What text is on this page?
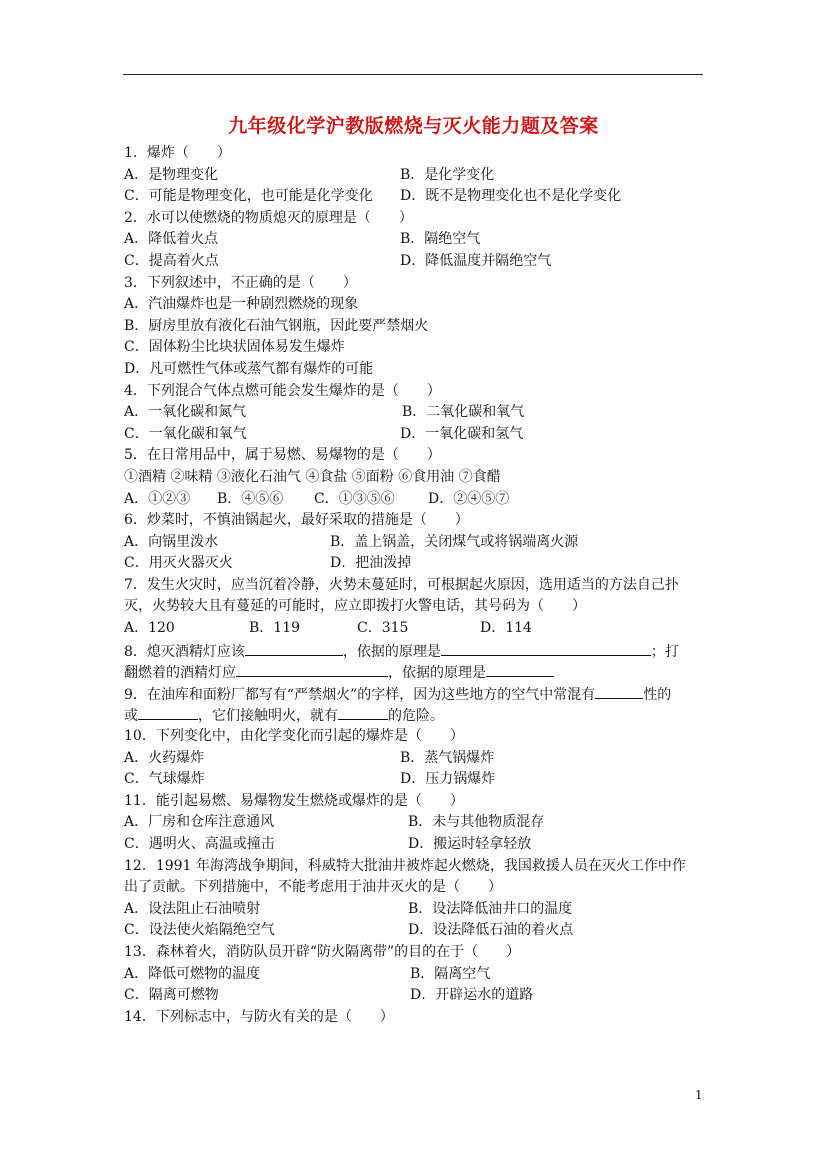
九年级化学沪教版燃烧与灭火能力题及答案
1．爆炸（　　）
A．是物理变化	B．是化学变化
C．可能是物理变化，也可能是化学变化 D．既不是物理变化也不是化学变化
2．水可以使燃烧的物质熄灭的原理是（　　）
A．降低着火点	B．隔绝空气
C．提高着火点	D．降低温度并隔绝空气
3．下列叙述中，不正确的是（　　）
A．汽油爆炸也是一种剧烈燃烧的现象
B．厨房里放有液化石油气钢瓶，因此要严禁烟火
C．固体粉尘比块状固体易发生爆炸
D．凡可燃性气体或蒸气都有爆炸的可能
4．下列混合气体点燃可能会发生爆炸的是（　　）
A．一氧化碳和氮气	B．二氧化碳和氧气
C．一氧化碳和氧气	D．一氧化碳和氢气
5．在日常用品中，属于易燃、易爆物的是（　　）
①酒精 ②味精 ③液化石油气 ④食盐 ⑤面粉 ⑥食用油 ⑦食醋
A．①②③ B．④⑤⑥ C．①③⑤⑥ D．②④⑤⑦
6．炒菜时，不慎油锅起火，最好采取的措施是（　　）
A．向锅里泼水	B．盖上锅盖，关闭煤气或将锅端离火源
C．用灭火器灭火	D．把油泼掉
7．发生火灾时，应当沉着冷静，火势未蔓延时，可根据起火原因，选用适当的方法自己扑
灭，火势较大且有蔓延的可能时，应立即拨打火警电话，其号码为（　　）
A．120	B．119	C．315	D．114
8．熄灭酒精灯应该	，依据的原理是	；打
翻燃着的酒精灯应	，依据的原理是
9．在油库和面粉厂都写有“严禁烟火”的字样，因为这些地方的空气中常混有	性的
或	，它们接触明火，就有	的危险。
10．下列变化中，由化学变化而引起的爆炸是（　　）
A．火药爆炸	B．蒸气锅爆炸
C．气球爆炸	D．压力锅爆炸
11．能引起易燃、易爆物发生燃烧或爆炸的是（　　）
A．厂房和仓库注意通风	B．未与其他物质混存
C．遇明火、高温或撞击	D．搬运时轻拿轻放
12．1991 年海湾战争期间，科威特大批油井被炸起火燃烧，我国救援人员在灭火工作中作
出了贡献。下列措施中，不能考虑用于油井灭火的是（　　）
A．设法阻止石油喷射	B．设法降低油井口的温度
C．设法使火焰隔绝空气	D．设法降低石油的着火点
13．森林着火，消防队员开辟“防火隔离带”的目的在于（　　）
A．降低可燃物的温度	B．隔离空气
C．隔离可燃物	D．开辟运水的道路
14．下列标志中，与防火有关的是（　　）
1
